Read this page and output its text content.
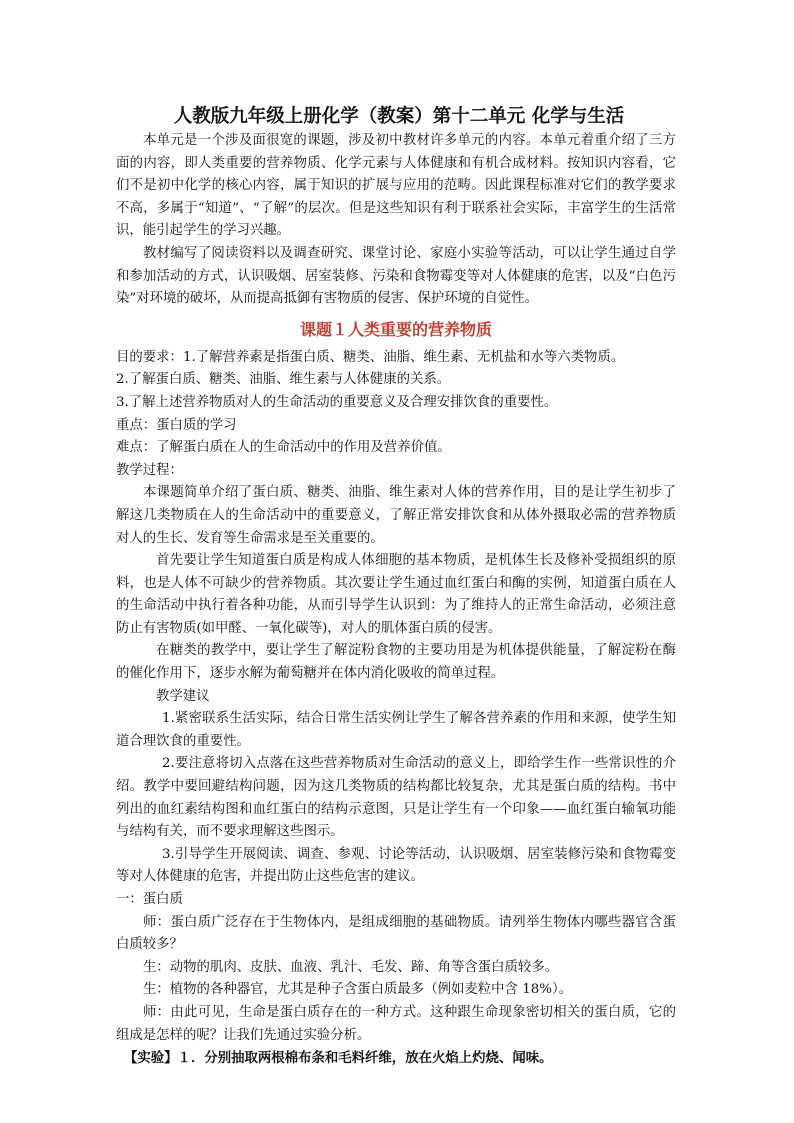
人教版九年级上册化学（教案）第十二单元 化学与生活

本单元是一个涉及面很宽的课题，涉及初中教材许多单元的内容。本单元着重介绍了三方面的内容，即人类重要的营养物质、化学元素与人体健康和有机合成材料。按知识内容看，它们不是初中化学的核心内容，属于知识的扩展与应用的范畴。因此课程标准对它们的教学要求不高，多属于“知道”、“了解”的层次。但是这些知识有利于联系社会实际，丰富学生的生活常识，能引起学生的学习兴趣。

教材编写了阅读资料以及调查研究、课堂讨论、家庭小实验等活动，可以让学生通过自学和参加活动的方式，认识吸烟、居室装修、污染和食物霉变等对人体健康的危害，以及“白色污染”对环境的破坏，从而提高抵御有害物质的侵害、保护环境的自觉性。

课题１人类重要的营养物质

目的要求：1.了解营养素是指蛋白质、糖类、油脂、维生素、无机盐和水等六类物质。

2.了解蛋白质、糖类、油脂、维生素与人体健康的关系。

3.了解上述营养物质对人的生命活动的重要意义及合理安排饮食的重要性。

重点：蛋白质的学习

难点：了解蛋白质在人的生命活动中的作用及营养价值。

教学过程：

本课题简单介绍了蛋白质、糖类、油脂、维生素对人体的营养作用，目的是让学生初步了解这几类物质在人的生命活动中的重要意义，了解正常安排饮食和从体外摄取必需的营养物质对人的生长、发育等生命需求是至关重要的。

首先要让学生知道蛋白质是构成人体细胞的基本物质，是机体生长及修补受损组织的原料，也是人体不可缺少的营养物质。其次要让学生通过血红蛋白和酶的实例，知道蛋白质在人的生命活动中执行着各种功能，从而引导学生认识到：为了维持人的正常生命活动，必须注意防止有害物质(如甲醛、一氧化碳等)，对人的肌体蛋白质的侵害。

在糖类的教学中，要让学生了解淀粉食物的主要功用是为机体提供能量，了解淀粉在酶的催化作用下，逐步水解为葡萄糖并在体内消化吸收的简单过程。

教学建议

1.紧密联系生活实际，结合日常生活实例让学生了解各营养素的作用和来源，使学生知道合理饮食的重要性。

2.要注意将切入点落在这些营养物质对生命活动的意义上，即给学生作一些常识性的介绍。教学中要回避结构问题，因为这几类物质的结构都比较复杂，尤其是蛋白质的结构。书中列出的血红素结构图和血红蛋白的结构示意图，只是让学生有一个印象——血红蛋白输氧功能与结构有关，而不要求理解这些图示。

3.引导学生开展阅读、调查、参观、讨论等活动，认识吸烟、居室装修污染和食物霉变等对人体健康的危害，并提出防止这些危害的建议。

一：蛋白质

师：蛋白质广泛存在于生物体内，是组成细胞的基础物质。请列举生物体内哪些器官含蛋白质较多？

生：动物的肌肉、皮肤、血液、乳汁、毛发、蹄、角等含蛋白质较多。

生：植物的各种器官，尤其是种子含蛋白质最多（例如麦粒中含 18%）。

师：由此可见，生命是蛋白质存在的一种方式。这种跟生命现象密切相关的蛋白质，它的组成是怎样的呢？让我们先通过实验分析。

【实验】１．分别抽取两根棉布条和毛料纤维，放在火焰上灼烧、闻味。
